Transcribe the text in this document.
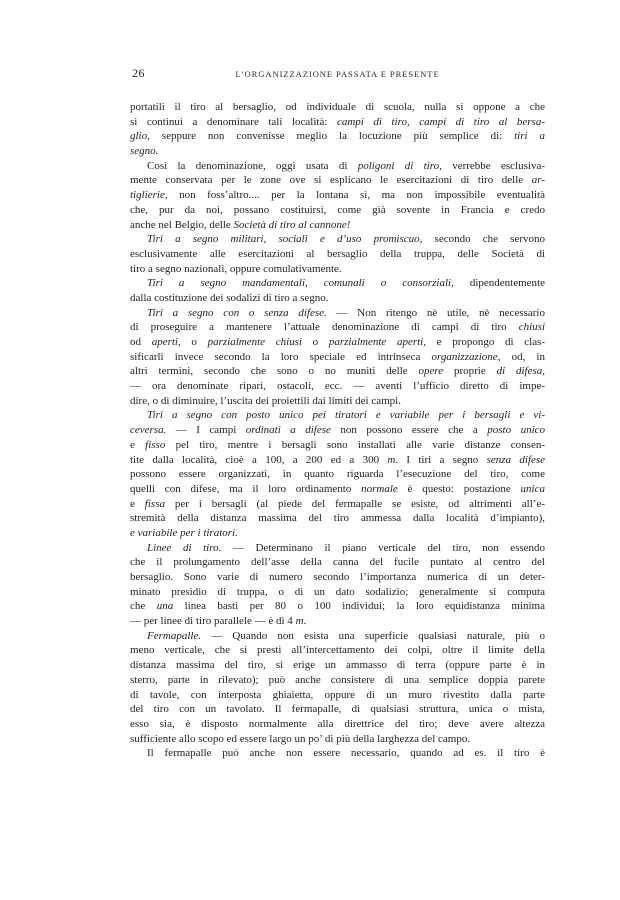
26	L’ORGANIZZAZIONE PASSATA E PRESENTE
portatili il tiro al bersaglio, od individuale di scuola, nulla si oppone a che
si continui a denominare tali località: campi di tiro, campi di tiro al bersa-
glio, seppure non convenisse meglio la locuzione più semplice di: tiri a
segno.
Così la denominazione, oggi usata di poligoni di tiro, verrebbe esclusiva-
mente conservata per le zone ove si esplicano le esercitazioni di tiro delle ar-
tiglierie, non foss’altro.... per la lontana sì, ma non impossibile eventualità
che, pur da noi, possano costituirsi, come già sovente in Francia e credo
anche nel Belgio, delle Società di tiro al cannone!
Tiri a segno militari, sociali e d’uso promiscuo, secondo che servono
esclusivamente alle esercitazioni al bersaglio della truppa, delle Società di
tiro a segno nazionali, oppure comulativamente.
Tiri a segno mandamentali, comunali o consorziali, dipendentemente
dalla costituzione dei sodalizi di tiro a segno.
Tiri a segno con o senza difese. — Non ritengo nè utile, nè necessario
di proseguire a mantenere l’attuale denominazione di campi di tiro chiusi
od aperti, o parzialmente chiusi o parzialmente aperti, e propongo di clas-
sificarli invece secondo la loro speciale ed intrinseca organizzazione, od, in
altri termini, secondo che sono o no muniti delle opere proprie di difesa,
— ora denominate ripari, ostacoli, ecc. — aventi l’ufficio diretto di impe-
dire, o di diminuire, l’uscita dei proiettili dai limiti dei campi.
Tiri a segno con posto unico pei tiratori e variabile per i bersagli e vi-
ceversa. — I campi ordinati a difese non possono essere che a posto unico
e fisso pel tiro, mentre i bersagli sono installati alle varie distanze consen-
tite dalla località, cioè a 100, a 200 ed a 300 m. I tiri a segno senza difese
possono essere organizzati, in quanto riguarda l’esecuzione del tiro, come
quelli con difese, ma il loro ordinamento normale è questo: postazione unica
e fissa per i bersagli (al piede del fermapalle se esiste, od altrimenti all’e-
stremità della distanza massima del tiro ammessa dalla località d’impianto),
e variabile per i tiratori.
Linee di tiro. — Determinano il piano verticale del tiro, non essendo
che il prolungamento dell’asse della canna del fucile puntato al centro del
bersaglio. Sono varie di numero secondo l’importanza numerica di un deter-
minato presidio di truppa, o di un dato sodalizio; generalmente si computa
che una linea basti per 80 o 100 individui; la loro equidistanza minima
— per linee di tiro parallele — è di 4 m.
Fermapalle. — Quando non esista una superficie qualsiasi naturale, più o
meno verticale, che si presti all’intercettamento dei colpi, oltre il limite della
distanza massima del tiro, si erige un ammasso di terra (oppure parte è in
sterro, parte in rilevato); può anche consistere di una semplice doppia parete
di tavole, con interposta ghiaietta, oppure di un muro rivestito dalla parte
del tiro con un tavolato. Il fermapalle, di qualsiasi struttura, unica o mista,
esso sia, è disposto normalmente alla direttrice del tiro; deve avere altezza
sufficiente allo scopo ed essere largo un po’ di più della larghezza del campo.
Il fermapalle può anche non essere necessario, quando ad es. il tiro è
